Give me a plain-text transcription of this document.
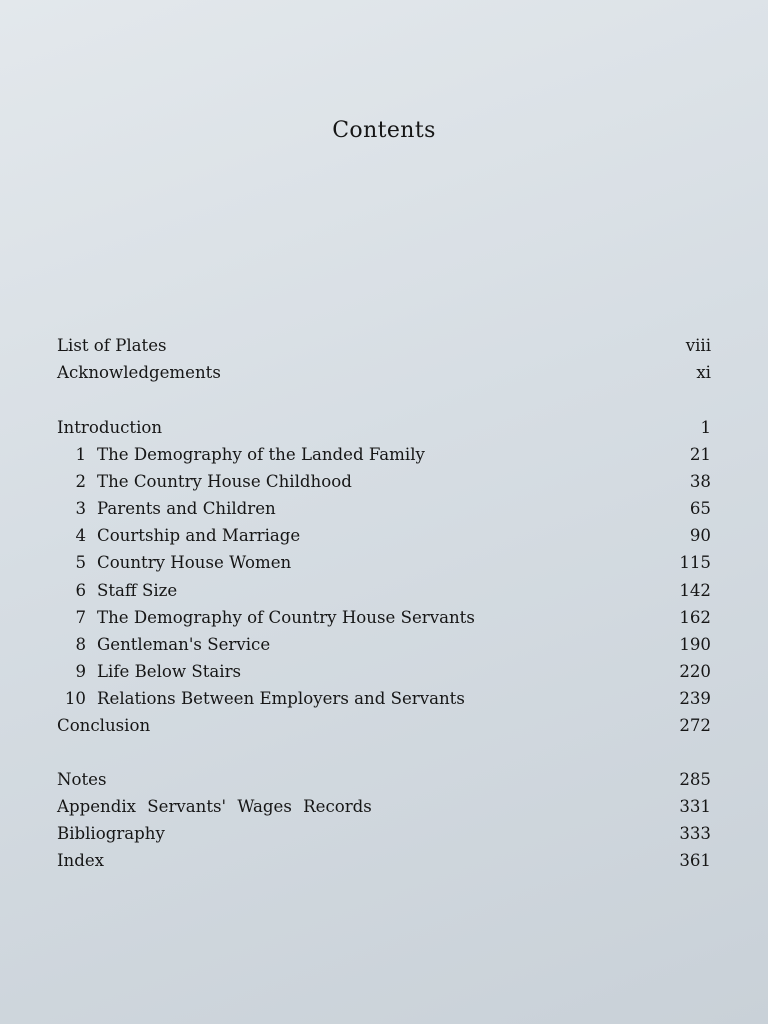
Contents
List of Plates	viii
Acknowledgements	xi
Introduction	1
1 The Demography of the Landed Family	21
2 The Country House Childhood	38
3 Parents and Children	65
4 Courtship and Marriage	90
5 Country House Women	115
6 Staff Size	142
7 The Demography of Country House Servants	162
8 Gentleman's Service	190
9 Life Below Stairs	220
10 Relations Between Employers and Servants	239
Conclusion	272
Notes	285
Appendix Servants' Wages Records	331
Bibliography	333
Index	361
